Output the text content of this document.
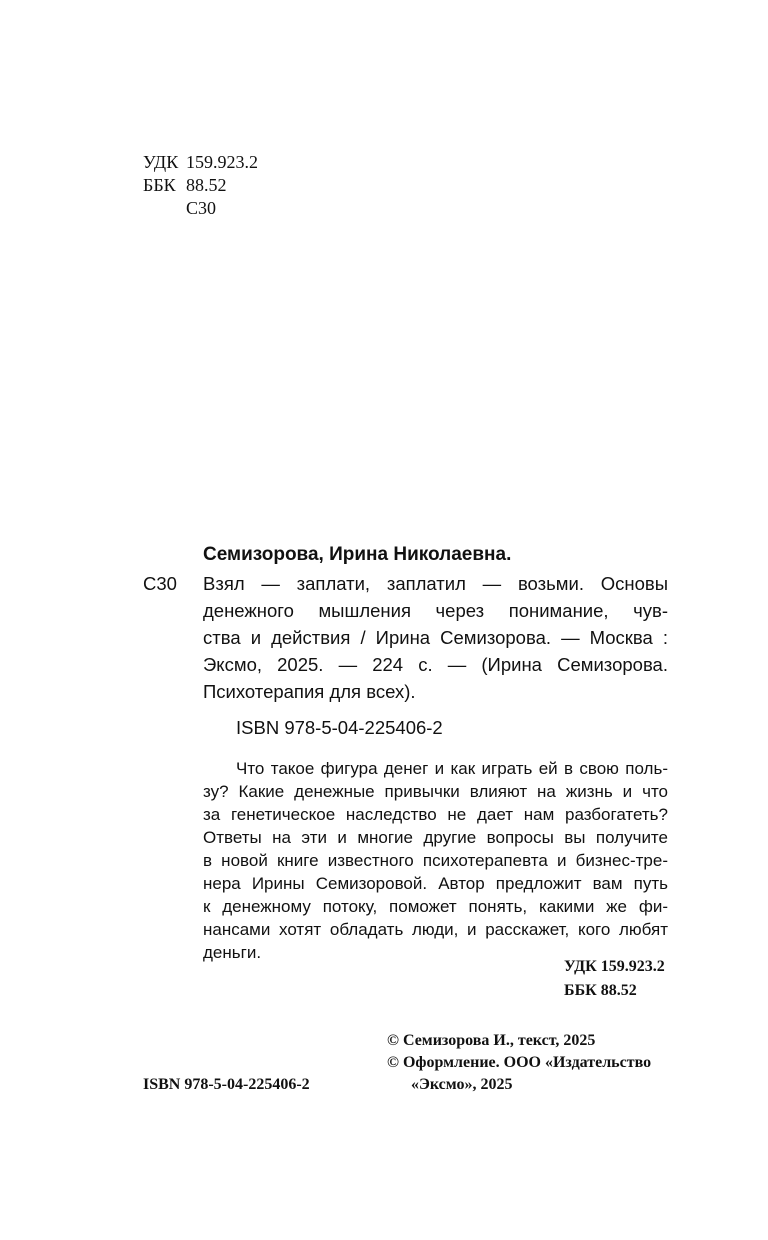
УДК 159.923.2
ББК 88.52
С30
Семизорова, Ирина Николаевна.
С30 Взял — заплати, заплатил — возьми. Основы
денежного мышления через понимание, чув-
ства и действия / Ирина Семизорова. — Москва :
Эксмо, 2025. — 224 с. — (Ирина Семизорова.
Психотерапия для всех).
ISBN 978-5-04-225406-2
Что такое фигура денег и как играть ей в свою поль-
зу? Какие денежные привычки влияют на жизнь и что
за генетическое наследство не дает нам разбогатеть?
Ответы на эти и многие другие вопросы вы получите
в новой книге известного психотерапевта и бизнес-тре-
нера Ирины Семизоровой. Автор предложит вам путь
к денежному потоку, поможет понять, какими же фи-
нансами хотят обладать люди, и расскажет, кого любят
деньги.
УДК 159.923.2
ББК 88.52
© Семизорова И., текст, 2025
© Оформление. ООО «Издательство
«Эксмо», 2025
ISBN 978-5-04-225406-2
